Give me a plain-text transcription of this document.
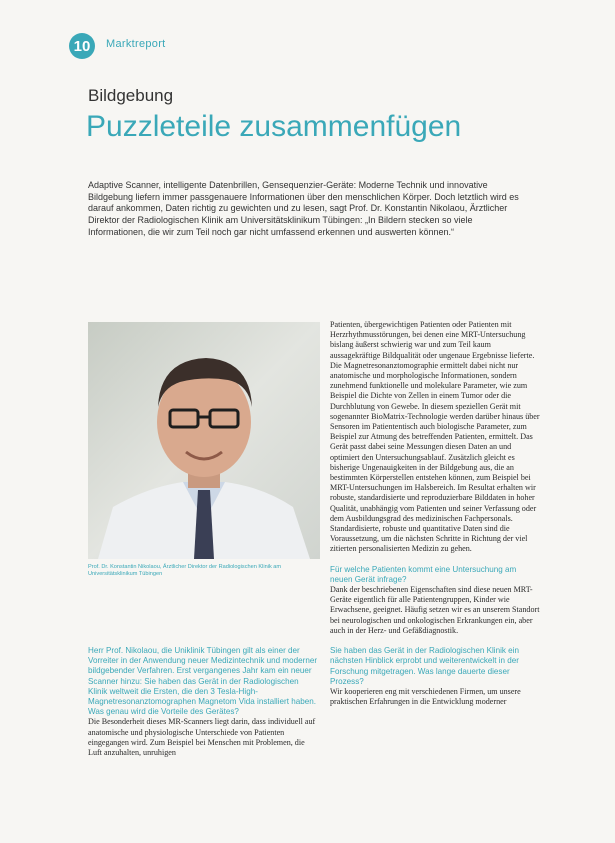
10 Marktreport
Bildgebung
Puzzleteile zusammenfügen

Adaptive Scanner, intelligente Datenbrillen, Gensequenzier-Geräte: Moderne Technik und innovative Bildgebung liefern immer passgenauere Informationen über den menschlichen Körper. Doch letztlich wird es darauf ankommen, Daten richtig zu gewichten und zu lesen, sagt Prof. Dr. Konstantin Nikolaou, Ärztlicher Direktor der Radiologischen Klinik am Universitätsklinikum Tübingen: „In Bildern stecken so viele Informationen, die wir zum Teil noch gar nicht umfassend erkennen und auswerten können.“

Prof. Dr. Konstantin Nikolaou, Ärztlicher Direktor der Radiologischen Klinik am Universitätsklinikum Tübingen

Herr Prof. Nikolaou, die Uniklinik Tübingen gilt als einer der Vorreiter in der Anwendung neuer Medizintechnik und moderner bildgebender Verfahren. Erst vergangenes Jahr kam ein neuer Scanner hinzu: Sie haben das Gerät in der Radiologischen Klinik weltweit die Ersten, die den 3 Tesla-High-Magnetresonanztomographen Magnetom Vida installiert haben. Was genau wird die Vorteile des Gerätes?

Die Besonderheit dieses MR-Scanners liegt darin, dass individuell auf anatomische und physiologische Unterschiede von Patienten eingegangen wird. Zum Beispiel bei Menschen mit Problemen, die Luft anzuhalten, unruhigen

Patienten, übergewichtigen Patienten oder Patienten mit Herzrhythmusstörungen, bei denen eine MRT-Untersuchung bislang äußerst schwierig war und zum Teil kaum aussagekräftige Bildqualität oder ungenaue Ergebnisse lieferte. Die Magnetresonanztomographie ermittelt dabei nicht nur anatomische und morphologische Informationen, sondern zunehmend funktionelle und molekulare Parameter, wie zum Beispiel die Dichte von Zellen in einem Tumor oder die Durchblutung von Gewebe. In diesem speziellen Gerät mit sogenannter BioMatrix-Technologie werden darüber hinaus über Sensoren im Patiententisch auch biologische Parameter, zum Beispiel zur Atmung des betreffenden Patienten, ermittelt. Das Gerät passt dabei seine Messungen diesen Daten an und optimiert den Untersuchungsablauf. Zusätzlich gleicht es bisherige Ungenauigkeiten in der Bildgebung aus, die an bestimmten Körperstellen entstehen können, zum Beispiel bei MRT-Untersuchungen im Halsbereich. Im Resultat erhalten wir robuste, standardisierte und reproduzierbare Bilddaten in hoher Qualität, unabhängig vom Patienten und seiner Verfassung oder dem Ausbildungsgrad des medizinischen Fachpersonals. Standardisierte, robuste und quantitative Daten sind die Voraussetzung, um die nächsten Schritte in Richtung der viel zitierten personalisierten Medizin zu gehen.

Für welche Patienten kommt eine Untersuchung am neuen Gerät infrage?

Dank der beschriebenen Eigenschaften sind diese neuen MRT-Geräte eigentlich für alle Patientengruppen, Kinder wie Erwachsene, geeignet. Häufig setzen wir es an unserem Standort bei neurologischen und onkologischen Erkrankungen ein, aber auch in der Herz- und Gefäßdiagnostik.

Sie haben das Gerät in der Radiologischen Klinik ein nächsten Hinblick erprobt und weiterentwickelt in der Forschung mitgetragen. Was lange dauerte dieser Prozess?

Wir kooperieren eng mit verschiedenen Firmen, um unsere praktischen Erfahrungen in die Entwicklung moderner
